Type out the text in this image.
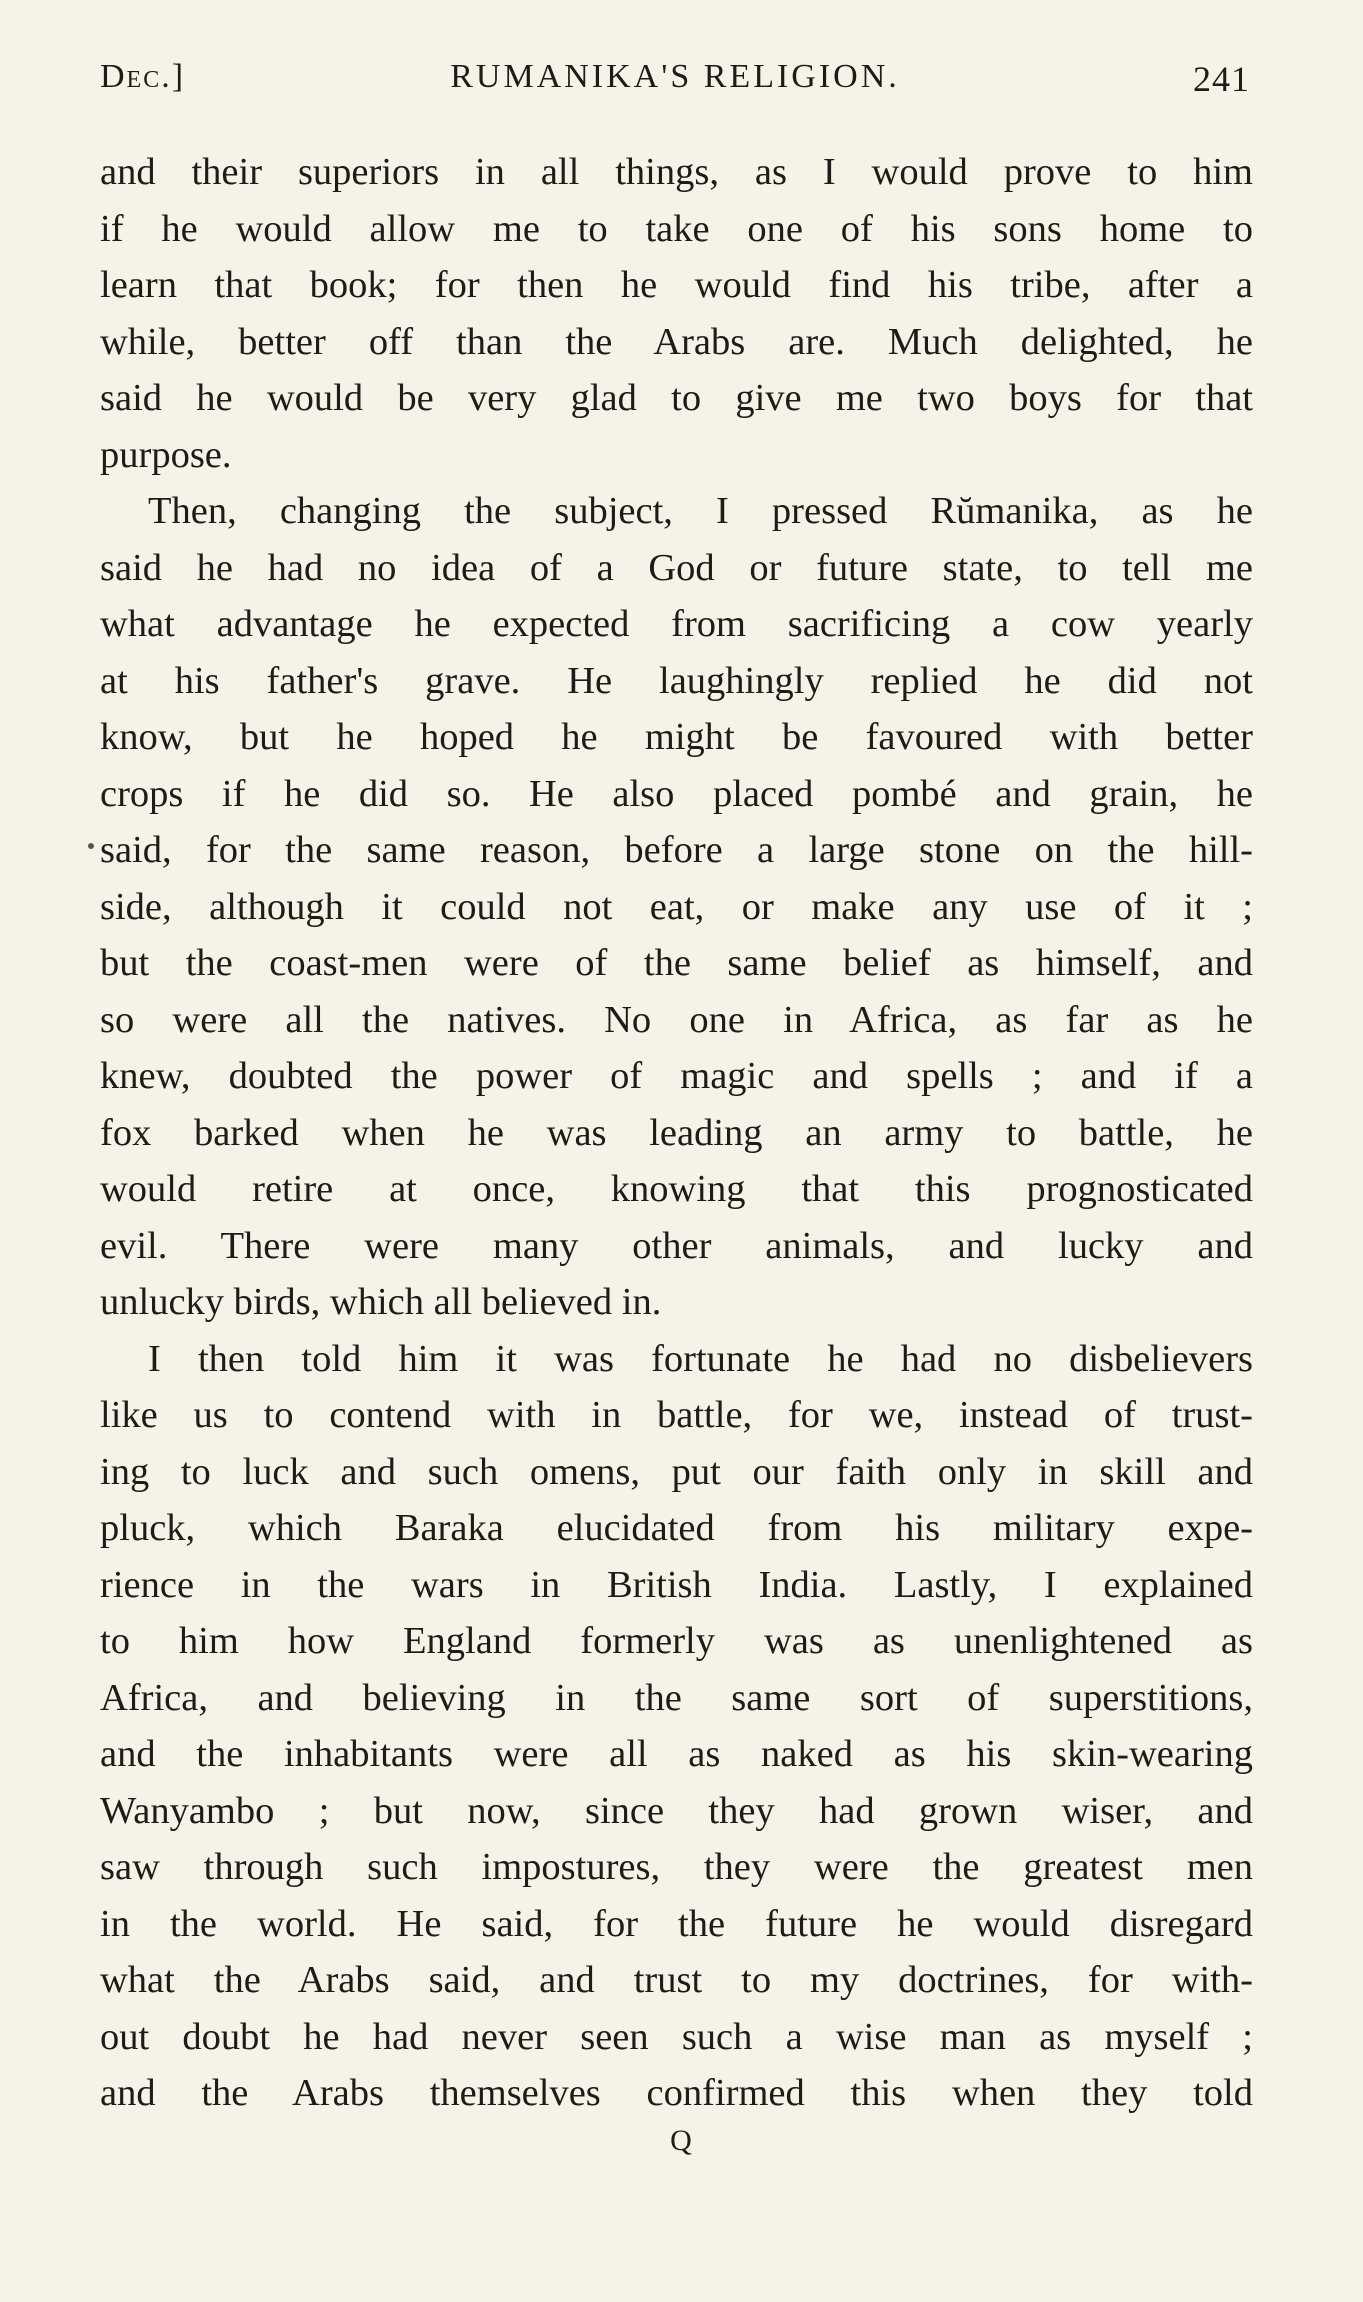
Dec.]	RUMANIKA'S RELIGION.	241
and their superiors in all things, as I would prove to him
if he would allow me to take one of his sons home to
learn that book; for then he would find his tribe, after a
while, better off than the Arabs are. Much delighted, he
said he would be very glad to give me two boys for that
purpose.
Then, changing the subject, I pressed Rŭmanika, as he
said he had no idea of a God or future state, to tell me
what advantage he expected from sacrificing a cow yearly
at his father's grave. He laughingly replied he did not
know, but he hoped he might be favoured with better
crops if he did so. He also placed pombé and grain, he
said, for the same reason, before a large stone on the hill-
side, although it could not eat, or make any use of it ;
but the coast-men were of the same belief as himself, and
so were all the natives. No one in Africa, as far as he
knew, doubted the power of magic and spells ; and if a
fox barked when he was leading an army to battle, he
would retire at once, knowing that this prognosticated
evil. There were many other animals, and lucky and
unlucky birds, which all believed in.
I then told him it was fortunate he had no disbelievers
like us to contend with in battle, for we, instead of trust-
ing to luck and such omens, put our faith only in skill and
pluck, which Baraka elucidated from his military expe-
rience in the wars in British India. Lastly, I explained
to him how England formerly was as unenlightened as
Africa, and believing in the same sort of superstitions,
and the inhabitants were all as naked as his skin-wearing
Wanyambo ; but now, since they had grown wiser, and
saw through such impostures, they were the greatest men
in the world. He said, for the future he would disregard
what the Arabs said, and trust to my doctrines, for with-
out doubt he had never seen such a wise man as myself ;
and the Arabs themselves confirmed this when they told
Q
